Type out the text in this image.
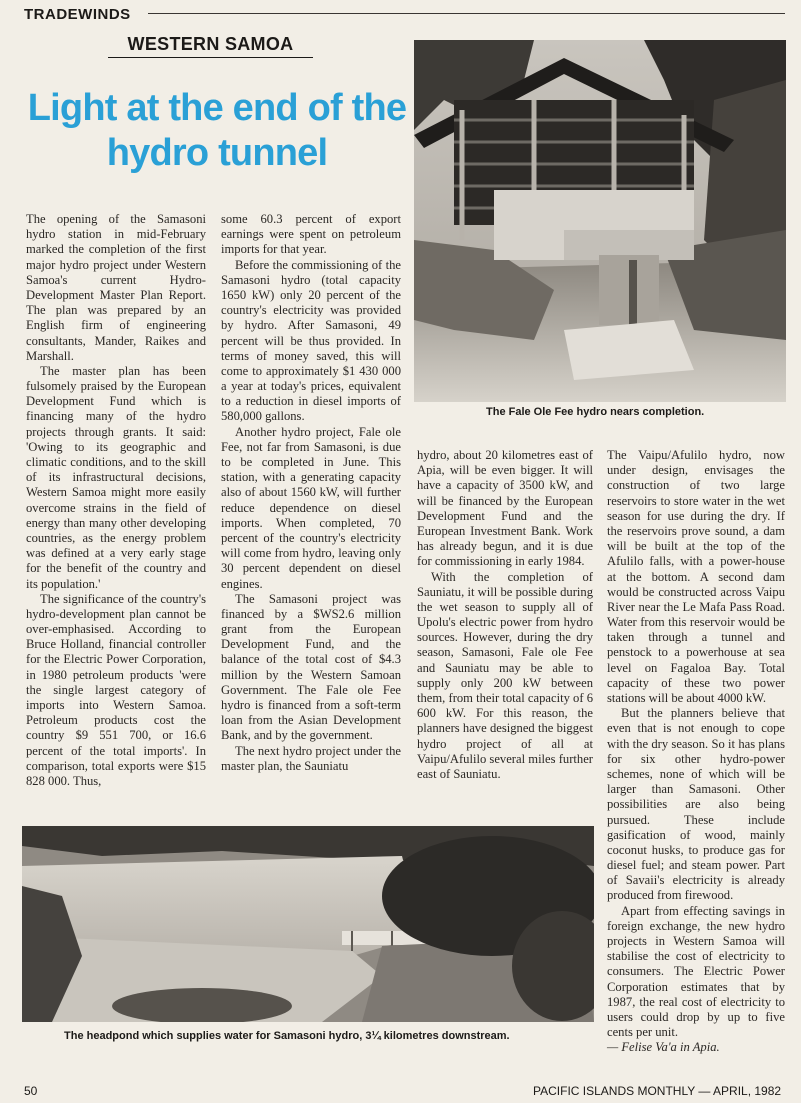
TRADEWINDS
WESTERN SAMOA
Light at the end of the hydro tunnel
The Fale Ole Fee hydro nears completion.

The opening of the Samasoni hydro station in mid-February marked the completion of the first major hydro project under Western Samoa's current Hydro-Development Master Plan Report. The plan was prepared by an English firm of engineering consultants, Mander, Raikes and Marshall.

The master plan has been fulsomely praised by the European Development Fund which is financing many of the hydro projects through grants. It said: 'Owing to its geographic and climatic conditions, and to the skill of its infrastructural decisions, Western Samoa might more easily overcome strains in the field of energy than many other developing countries, as the energy problem was defined at a very early stage for the benefit of the country and its population.'

The significance of the country's hydro-development plan cannot be over-emphasised. According to Bruce Holland, financial controller for the Electric Power Corporation, in 1980 petroleum products 'were the single largest category of imports into Western Samoa. Petroleum products cost the country $9 551 700, or 16.6 percent of the total imports'. In comparison, total exports were $15 828 000. Thus,

some 60.3 percent of export earnings were spent on petroleum imports for that year.

Before the commissioning of the Samasoni hydro (total capacity 1650 kW) only 20 percent of the country's electricity was provided by hydro. After Samasoni, 49 percent will be thus provided. In terms of money saved, this will come to approximately $1 430 000 a year at today's prices, equivalent to a reduction in diesel imports of 580,000 gallons.

Another hydro project, Fale ole Fee, not far from Samasoni, is due to be completed in June. This station, with a generating capacity also of about 1560 kW, will further reduce dependence on diesel imports. When completed, 70 percent of the country's electricity will come from hydro, leaving only 30 percent dependent on diesel engines.

The Samasoni project was financed by a $WS2.6 million grant from the European Development Fund, and the balance of the total cost of $4.3 million by the Western Samoan Government. The Fale ole Fee hydro is financed from a soft-term loan from the Asian Development Bank, and by the government.

The next hydro project under the master plan, the Sauniatu

hydro, about 20 kilometres east of Apia, will be even bigger. It will have a capacity of 3500 kW, and will be financed by the European Development Fund and the European Investment Bank. Work has already begun, and it is due for commissioning in early 1984.

With the completion of Sauniatu, it will be possible during the wet season to supply all of Upolu's electric power from hydro sources. However, during the dry season, Samasoni, Fale ole Fee and Sauniatu may be able to supply only 200 kW between them, from their total capacity of 6 600 kW. For this reason, the planners have designed the biggest hydro project of all at Vaipu/Afulilo several miles further east of Sauniatu.

The Vaipu/Afulilo hydro, now under design, envisages the construction of two large reservoirs to store water in the wet season for use during the dry. If the reservoirs prove sound, a dam will be built at the top of the Afulilo falls, with a power-house at the bottom. A second dam would be constructed across Vaipu River near the Le Mafa Pass Road. Water from this reservoir would be taken through a tunnel and penstock to a powerhouse at sea level on Fagaloa Bay. Total capacity of these two power stations will be about 4000 kW.

But the planners believe that even that is not enough to cope with the dry season. So it has plans for six other hydro-power schemes, none of which will be larger than Samasoni. Other possibilities are also being pursued. These include gasification of wood, mainly coconut husks, to produce gas for diesel fuel; and steam power. Part of Savaii's electricity is already produced from firewood.

Apart from effecting savings in foreign exchange, the new hydro projects in Western Samoa will stabilise the cost of electricity to consumers. The Electric Power Corporation estimates that by 1987, the real cost of electricity to users could drop by up to five cents per unit.

— Felise Va'a in Apia.

The headpond which supplies water for Samasoni hydro, 3¼ kilometres downstream.
50	PACIFIC ISLANDS MONTHLY — APRIL, 1982
